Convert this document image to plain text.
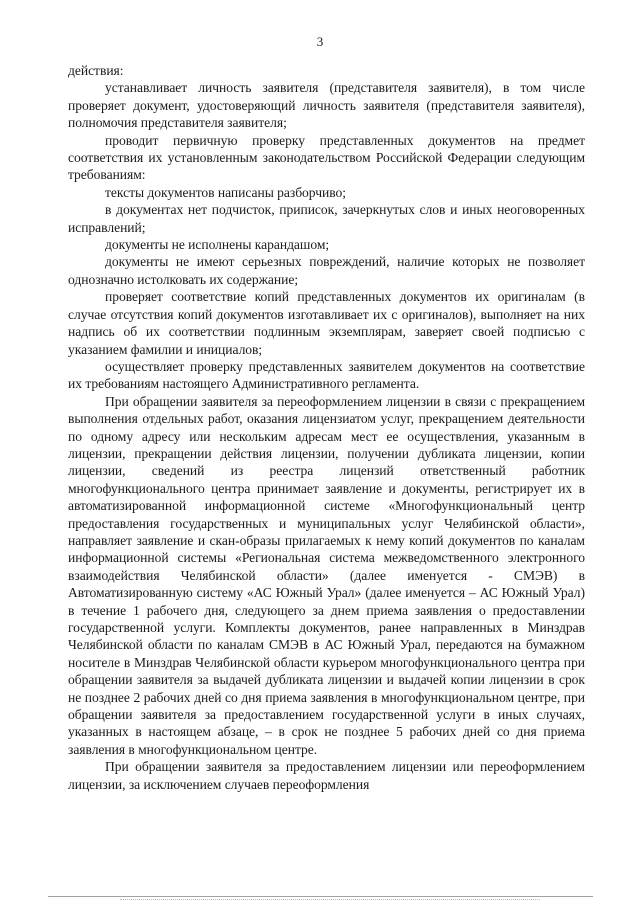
3

действия:

устанавливает личность заявителя (представителя заявителя), в том числе проверяет документ, удостоверяющий личность заявителя (представителя заявителя), полномочия представителя заявителя;

проводит первичную проверку представленных документов на предмет соответствия их установленным законодательством Российской Федерации следующим требованиям:

тексты документов написаны разборчиво;

в документах нет подчисток, приписок, зачеркнутых слов и иных неоговоренных исправлений;

документы не исполнены карандашом;

документы не имеют серьезных повреждений, наличие которых не позволяет однозначно истолковать их содержание;

проверяет соответствие копий представленных документов их оригиналам (в случае отсутствия копий документов изготавливает их с оригиналов), выполняет на них надпись об их соответствии подлинным экземплярам, заверяет своей подписью с указанием фамилии и инициалов;

осуществляет проверку представленных заявителем документов на соответствие их требованиям настоящего Административного регламента.

При обращении заявителя за переоформлением лицензии в связи с прекращением выполнения отдельных работ, оказания лицензиатом услуг, прекращением деятельности по одному адресу или нескольким адресам мест ее осуществления, указанным в лицензии, прекращении действия лицензии, получении дубликата лицензии, копии лицензии, сведений из реестра лицензий ответственный работник многофункционального центра принимает заявление и документы, регистрирует их в автоматизированной информационной системе «Многофункциональный центр предоставления государственных и муниципальных услуг Челябинской области», направляет заявление и скан-образы прилагаемых к нему копий документов по каналам информационной системы «Региональная система межведомственного электронного взаимодействия Челябинской области» (далее именуется - СМЭВ) в Автоматизированную систему «АС Южный Урал» (далее именуется – АС Южный Урал) в течение 1 рабочего дня, следующего за днем приема заявления о предоставлении государственной услуги. Комплекты документов, ранее направленных в Минздрав Челябинской области по каналам СМЭВ в АС Южный Урал, передаются на бумажном носителе в Минздрав Челябинской области курьером многофункционального центра при обращении заявителя за выдачей дубликата лицензии и выдачей копии лицензии в срок не позднее 2 рабочих дней со дня приема заявления в многофункциональном центре, при обращении заявителя за предоставлением государственной услуги в иных случаях, указанных в настоящем абзаце, – в срок не позднее 5 рабочих дней со дня приема заявления в многофункциональном центре.

При обращении заявителя за предоставлением лицензии или переоформлением лицензии, за исключением случаев переоформления
